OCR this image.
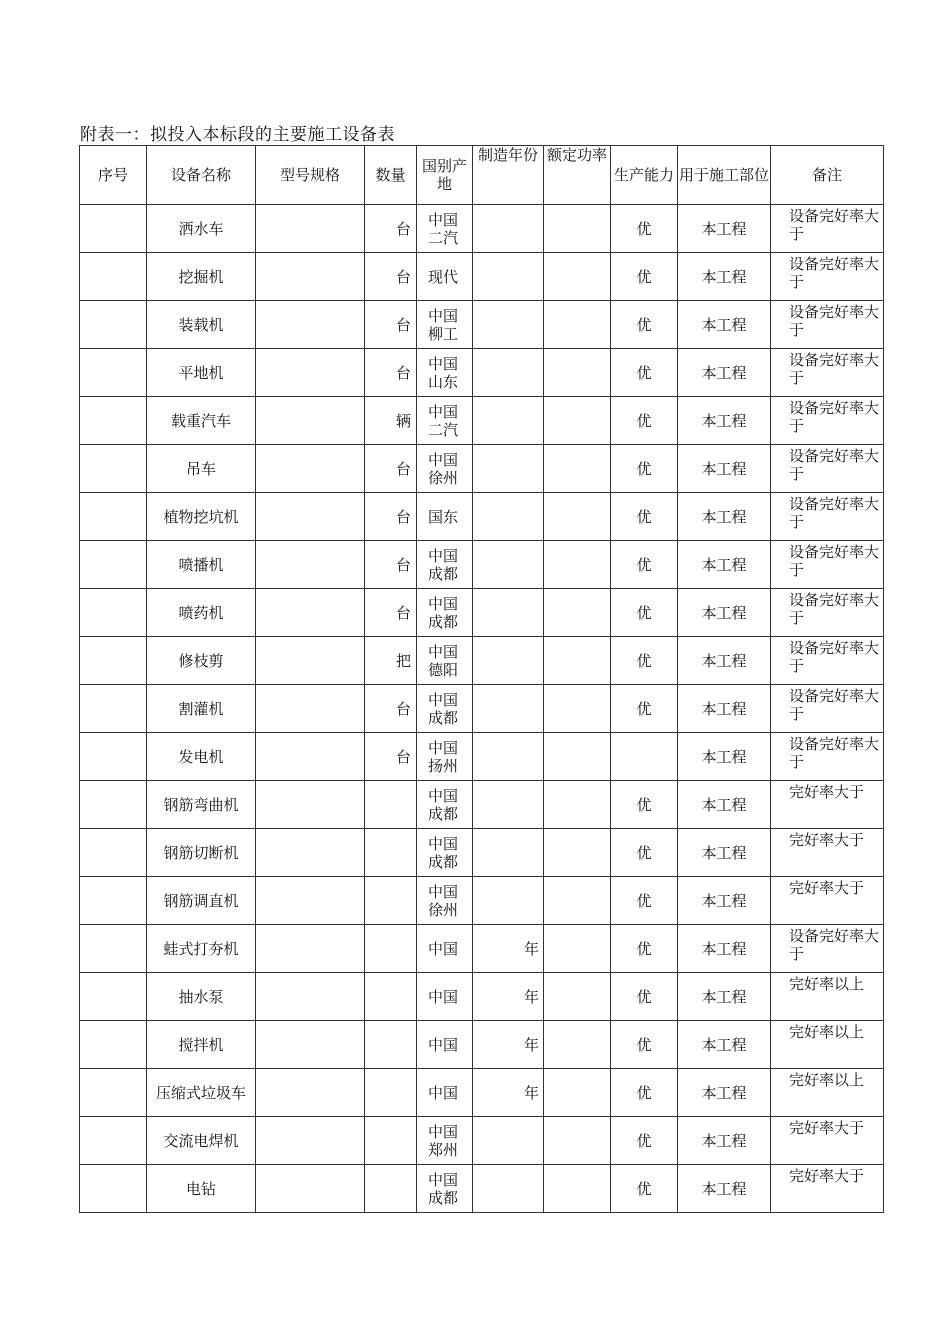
附表一：拟投入本标段的主要施工设备表
序号	设备名称	型号规格	数量	国别产地	制造年份	额定功率	生产能力	用于施工部位	备注
	洒水车		台	中国二汽			优	本工程	设备完好率大于
	挖掘机		台	现代			优	本工程	设备完好率大于
	装载机		台	中国柳工			优	本工程	设备完好率大于
	平地机		台	中国山东			优	本工程	设备完好率大于
	载重汽车		辆	中国二汽			优	本工程	设备完好率大于
	吊车		台	中国徐州			优	本工程	设备完好率大于
	植物挖坑机		台	国东			优	本工程	设备完好率大于
	喷播机		台	中国成都			优	本工程	设备完好率大于
	喷药机		台	中国成都			优	本工程	设备完好率大于
	修枝剪		把	中国德阳			优	本工程	设备完好率大于
	割灌机		台	中国成都			优	本工程	设备完好率大于
	发电机		台	中国扬州				本工程	设备完好率大于
	钢筋弯曲机			中国成都			优	本工程	完好率大于
	钢筋切断机			中国成都			优	本工程	完好率大于
	钢筋调直机			中国徐州			优	本工程	完好率大于
	蛙式打夯机			中国	年		优	本工程	设备完好率大于
	抽水泵			中国	年		优	本工程	完好率以上
	搅拌机			中国	年		优	本工程	完好率以上
	压缩式垃圾车			中国	年		优	本工程	完好率以上
	交流电焊机			中国郑州			优	本工程	完好率大于
	电钻			中国成都			优	本工程	完好率大于
